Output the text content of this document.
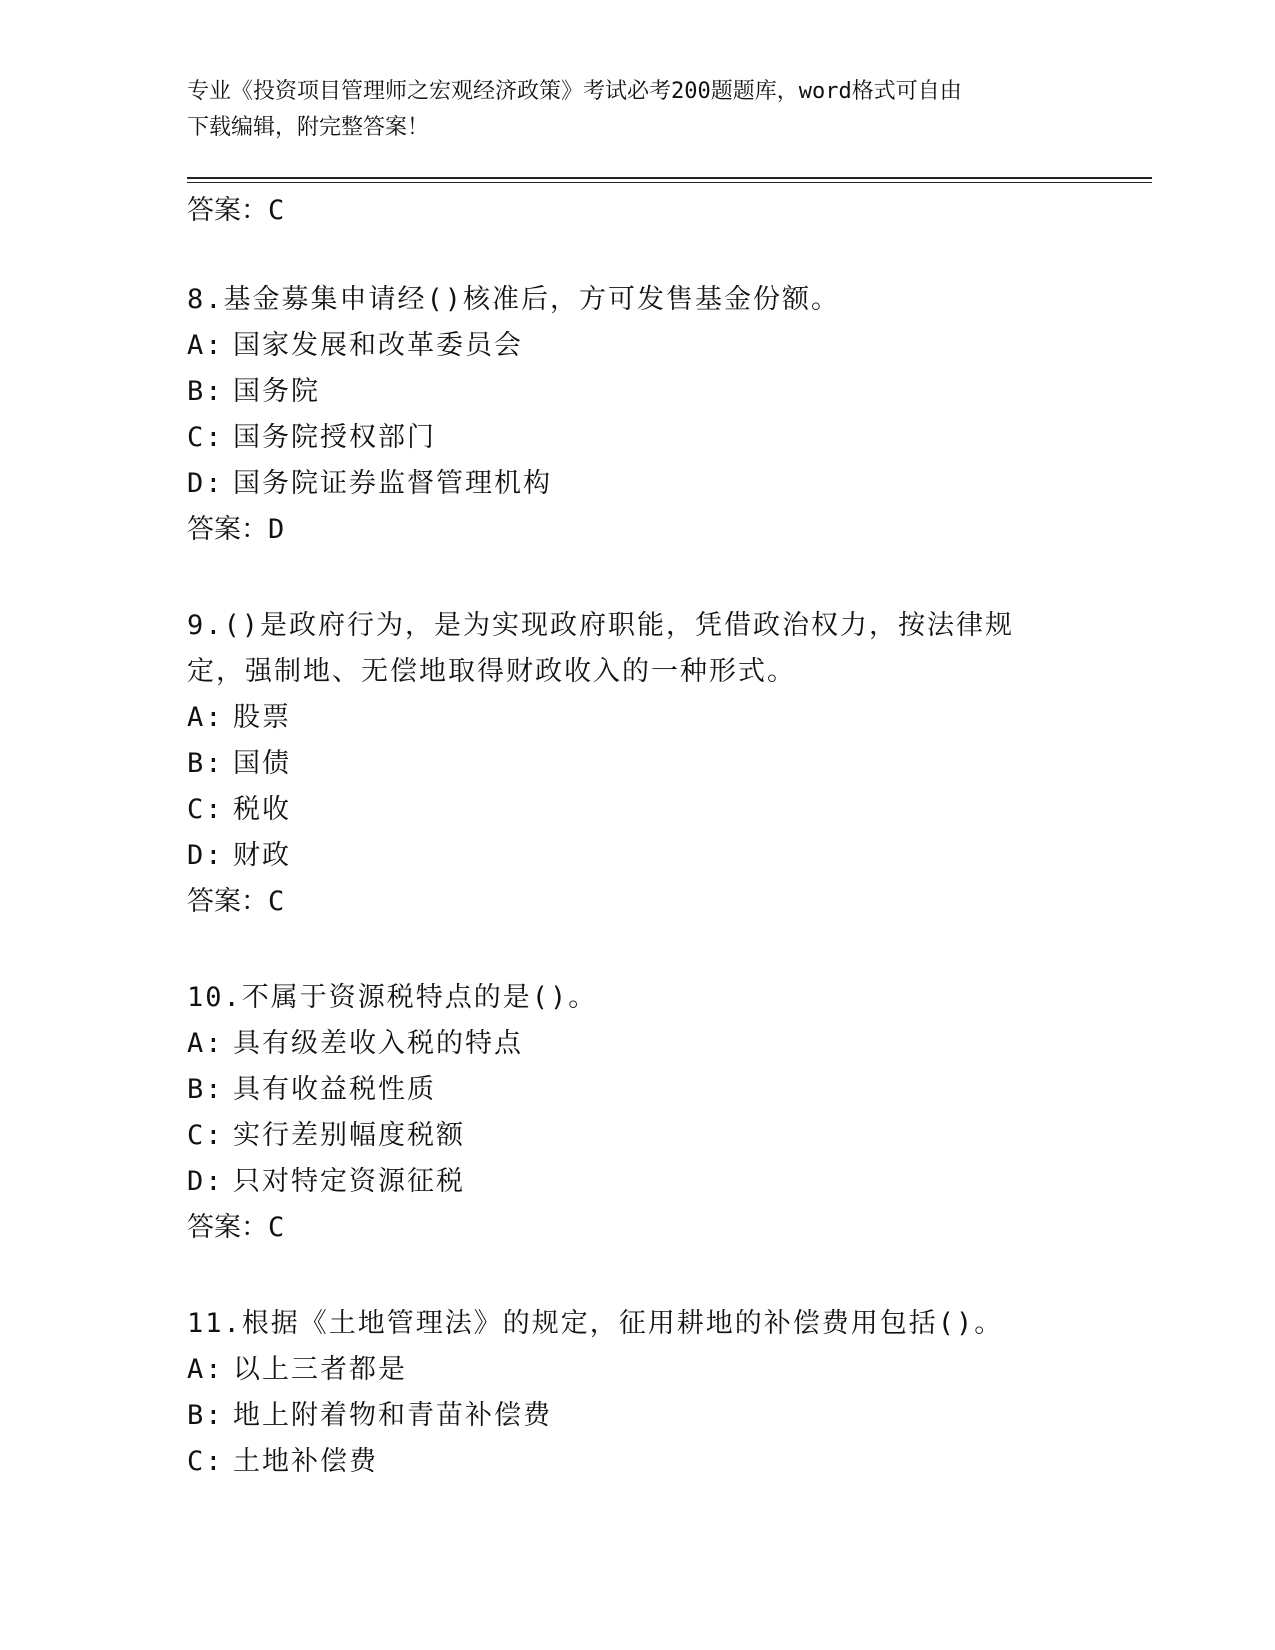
专业《投资项目管理师之宏观经济政策》考试必考200题题库，word格式可自由
下载编辑，附完整答案！
答案：C

8.基金募集申请经()核准后，方可发售基金份额。

A: 国家发展和改革委员会
B: 国务院
C: 国务院授权部门
D: 国务院证券监督管理机构
答案：D

9.()是政府行为，是为实现政府职能，凭借政治权力，按法律规定，强制地、无偿地取得财政收入的一种形式。

A: 股票
B: 国债
C: 税收
D: 财政
答案：C

10.不属于资源税特点的是()。

A: 具有级差收入税的特点
B: 具有收益税性质
C: 实行差别幅度税额
D: 只对特定资源征税
答案：C

11.根据《土地管理法》的规定，征用耕地的补偿费用包括()。

A: 以上三者都是
B: 地上附着物和青苗补偿费
C: 土地补偿费
